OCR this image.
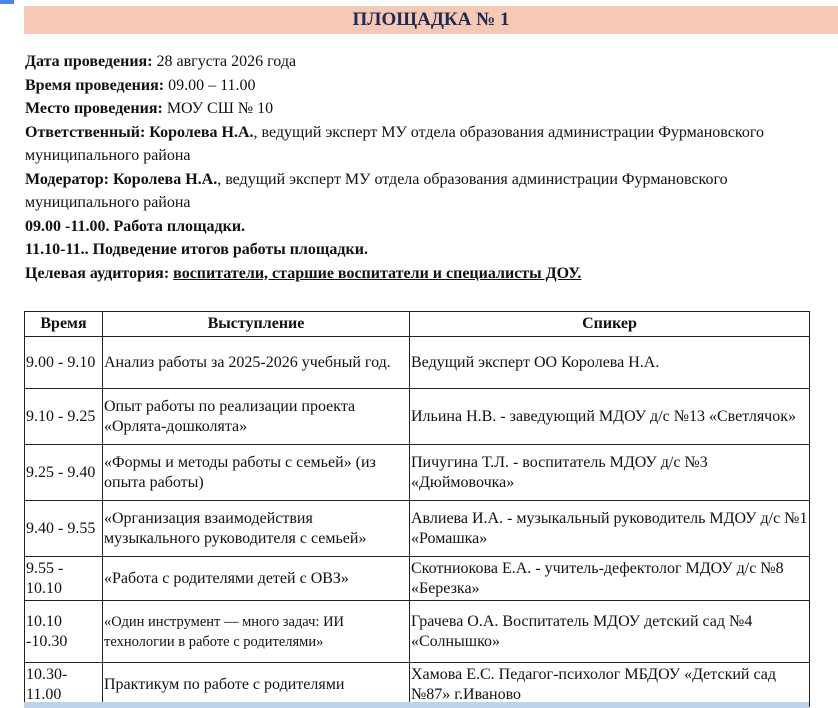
ПЛОЩАДКА № 1
Дата проведения: 28 августа 2026 года
Время проведения: 09.00 – 11.00
Место проведения: МОУ СШ № 10
Ответственный: Королева Н.А., ведущий эксперт МУ отдела образования администрации Фурмановского муниципального района
Модератор: Королева Н.А., ведущий эксперт МУ отдела образования администрации Фурмановского муниципального района
09.00 -11.00. Работа площадки.
11.10-11.. Подведение итогов работы площадки.
Целевая аудитория: воспитатели, старшие воспитатели и специалисты ДОУ.
Время	Выступление	Спикер
9.00 - 9.10	Анализ работы за 2025-2026 учебный год.	Ведущий эксперт ОО Королева Н.А.
9.10 - 9.25	Опыт работы по реализации проекта «Орлята-дошколята»	Ильина Н.В. - заведующий МДОУ д/с №13 «Светлячок»
9.25 - 9.40	«Формы и методы работы с семьей» (из опыта работы)	Пичугина Т.Л. - воспитатель МДОУ д/с №3 «Дюймовочка»
9.40 - 9.55	«Организация взаимодействия музыкального руководителя с семьей»	Авлиева И.А. - музыкальный руководитель МДОУ д/с №1 «Ромашка»
9.55 - 10.10	«Работа с родителями детей с ОВЗ»	Скотниокова Е.А. - учитель-дефектолог МДОУ д/с №8 «Березка»
10.10 -10.30	«Один инструмент — много задач: ИИ технологии в работе с родителями»	Грачева О.А. Воспитатель МДОУ детский сад №4 «Солнышко»
10.30-11.00	Практикум по работе с родителями	Хамова Е.С. Педагог-психолог МБДОУ «Детский сад №87» г.Иваново
